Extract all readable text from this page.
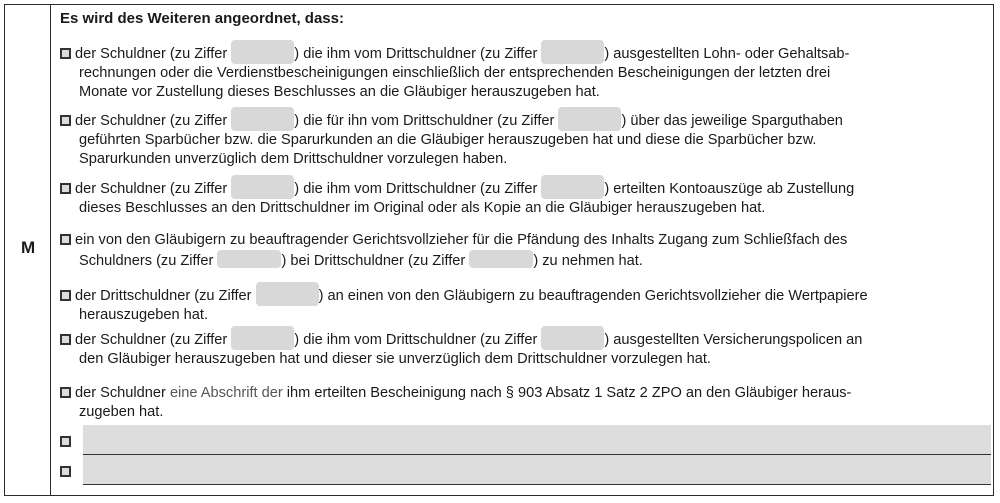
M
Es wird des Weiteren angeordnet, dass:
der Schuldner (zu Ziffer	) die ihm vom Drittschuldner (zu Ziffer	) ausgestellten Lohn- oder Gehaltsab-
rechnungen oder die Verdienstbescheinigungen einschließlich der entsprechenden Bescheinigungen der letzten drei
Monate vor Zustellung dieses Beschlusses an die Gläubiger herauszugeben hat.
der Schuldner (zu Ziffer	) die für ihn vom Drittschuldner (zu Ziffer	) über das jeweilige Sparguthaben
geführten Sparbücher bzw. die Sparurkunden an die Gläubiger herauszugeben hat und diese die Sparbücher bzw.
Sparurkunden unverzüglich dem Drittschuldner vorzulegen haben.
der Schuldner (zu Ziffer	) die ihm vom Drittschuldner (zu Ziffer	) erteilten Kontoauszüge ab Zustellung
dieses Beschlusses an den Drittschuldner im Original oder als Kopie an die Gläubiger herauszugeben hat.
ein von den Gläubigern zu beauftragender Gerichtsvollzieher für die Pfändung des Inhalts Zugang zum Schließfach des
Schuldners (zu Ziffer	) bei Drittschuldner (zu Ziffer	) zu nehmen hat.
der Drittschuldner (zu Ziffer	) an einen von den Gläubigern zu beauftragenden Gerichtsvollzieher die Wertpapiere
herauszugeben hat.
der Schuldner (zu Ziffer	) die ihm vom Drittschuldner (zu Ziffer	) ausgestellten Versicherungspolicen an
den Gläubiger herauszugeben hat und dieser sie unverzüglich dem Drittschuldner vorzulegen hat.
der Schuldner eine Abschrift der ihm erteilten Bescheinigung nach § 903 Absatz 1 Satz 2 ZPO an den Gläubiger heraus-
zugeben hat.
